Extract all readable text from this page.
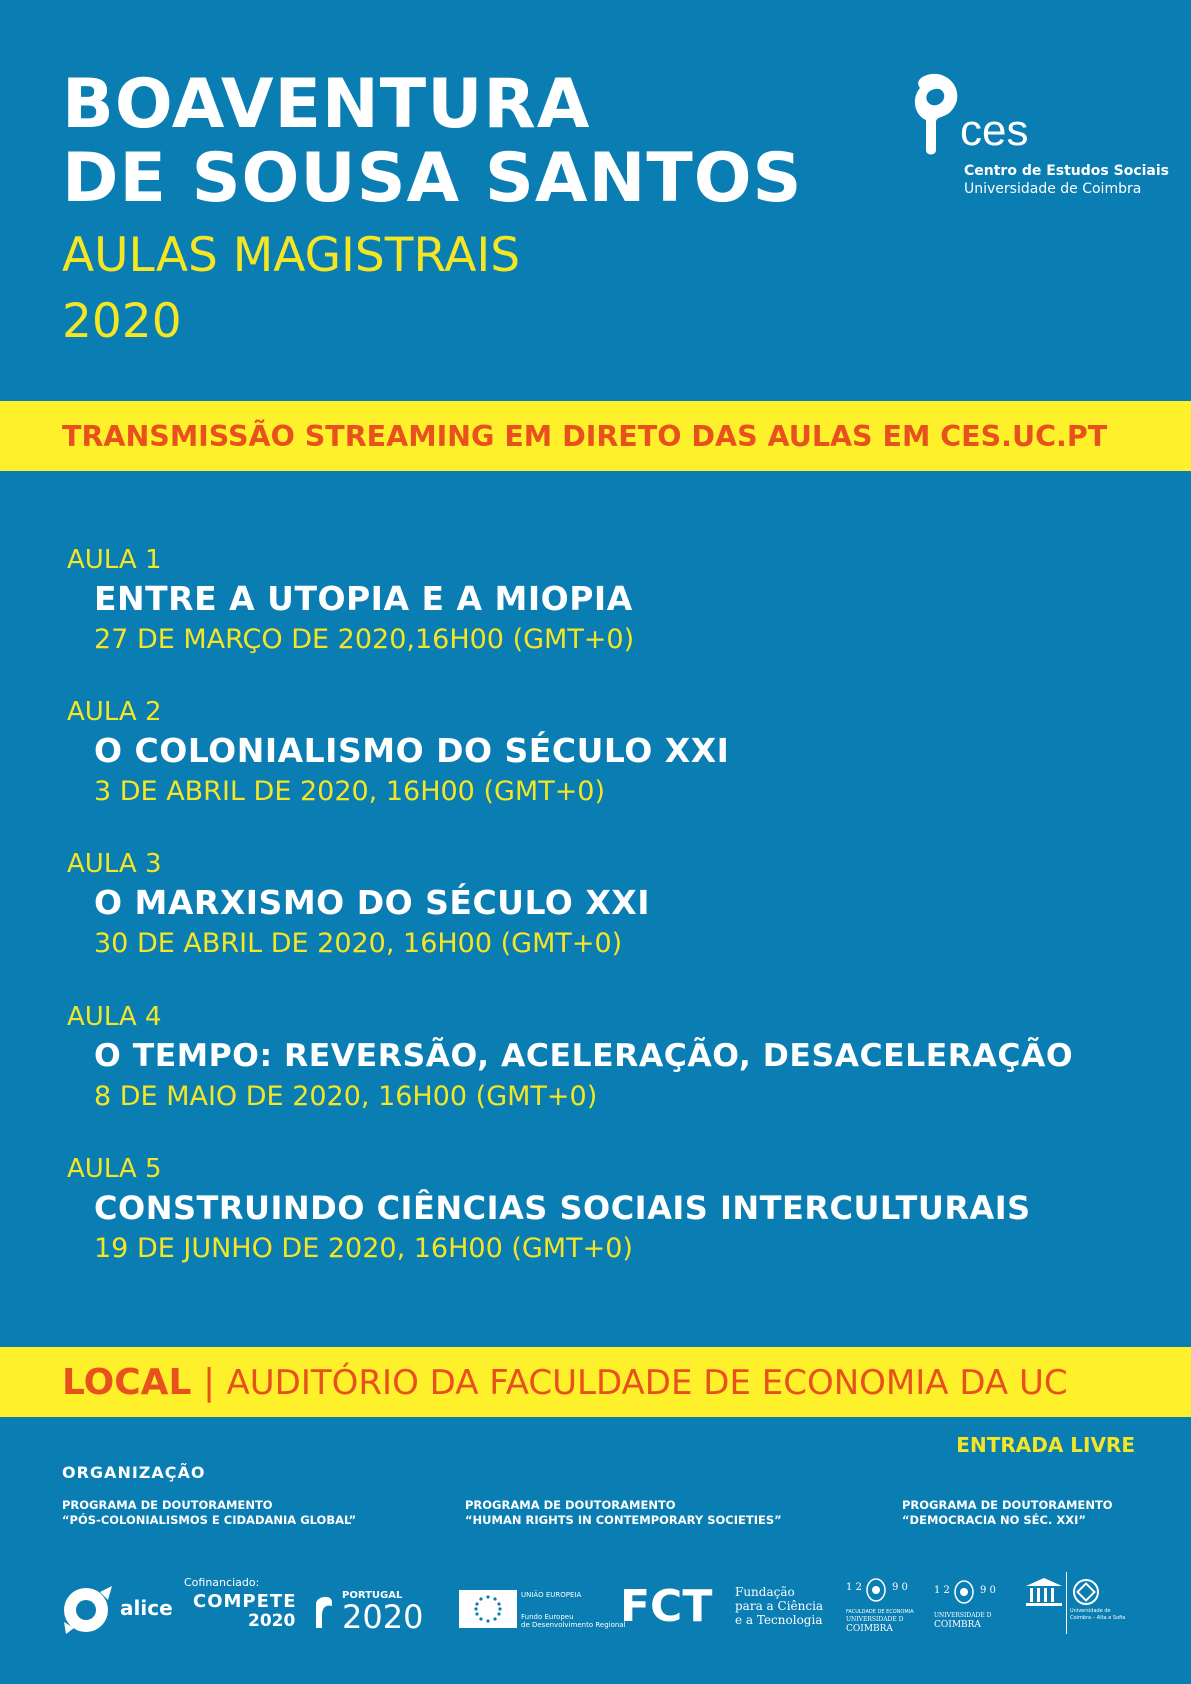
BOAVENTURA
DE SOUSA SANTOS
AULAS MAGISTRAIS
2020
ces
Centro de Estudos Sociais
Universidade de Coimbra
TRANSMISSÃO STREAMING EM DIRETO DAS AULAS EM CES.UC.PT
AULA 1
ENTRE A UTOPIA E A MIOPIA
27 DE MARÇO DE 2020,16H00 (GMT+0)
AULA 2
O COLONIALISMO DO SÉCULO XXI
3 DE ABRIL DE 2020, 16H00 (GMT+0)
AULA 3
O MARXISMO DO SÉCULO XXI
30 DE ABRIL DE 2020, 16H00 (GMT+0)
AULA 4
O TEMPO: REVERSÃO, ACELERAÇÃO, DESACELERAÇÃO
8 DE MAIO DE 2020, 16H00 (GMT+0)
AULA 5
CONSTRUINDO CIÊNCIAS SOCIAIS INTERCULTURAIS
19 DE JUNHO DE 2020, 16H00 (GMT+0)
LOCAL | AUDITÓRIO DA FACULDADE DE ECONOMIA DA UC
ENTRADA LIVRE
ORGANIZAÇÃO
PROGRAMA DE DOUTORAMENTO
“PÓS-COLONIALISMOS E CIDADANIA GLOBAL”
PROGRAMA DE DOUTORAMENTO
“HUMAN RIGHTS IN CONTEMPORARY SOCIETIES”
PROGRAMA DE DOUTORAMENTO
“DEMOCRACIA NO SÉC. XXI”
alice
Cofinanciado:
COMPETE
2020
PORTUGAL
2020
UNIÃO EUROPEIA
Fundo Europeu
de Desenvolvimento Regional
FCT Fundação
para a Ciência
e a Tecnologia
1 2	9 0
FACULDADE DE ECONOMIA
UNIVERSIDADE D
COIMBRA
1 2	9 0
UNIVERSIDADE D
COIMBRA
Universidade de Coimbra – Alta e Sofia
